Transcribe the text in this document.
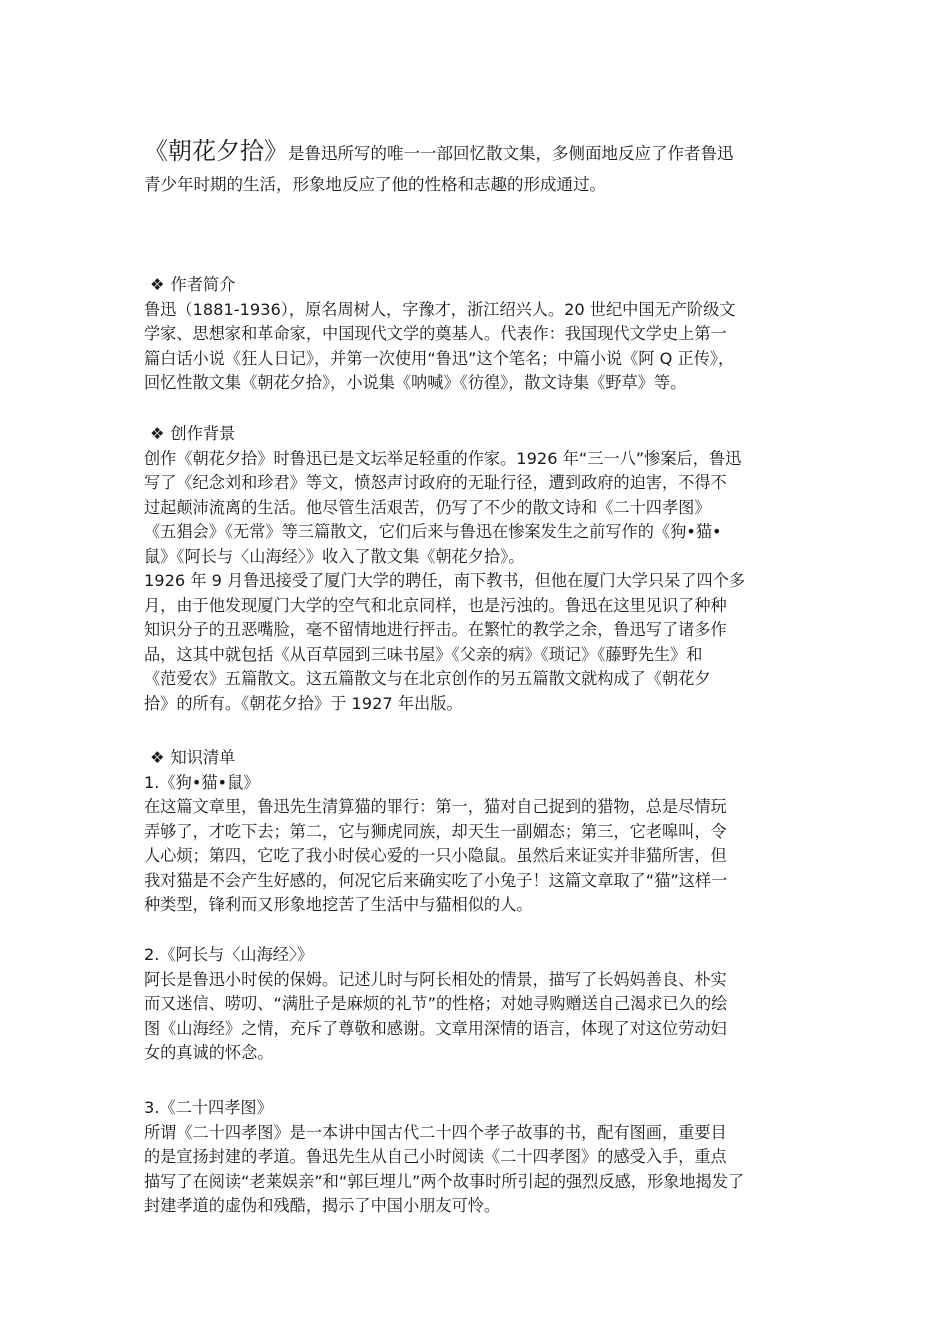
《朝花夕拾》是鲁迅所写的唯一一部回忆散文集，多侧面地反应了作者鲁迅

青少年时期的生活，形象地反应了他的性格和志趣的形成通过。

❖ 作者简介

鲁迅（1881-1936），原名周树人，字豫才，浙江绍兴人。20 世纪中国无产阶级文

学家、思想家和革命家，中国现代文学的奠基人。代表作：我国现代文学史上第一

篇白话小说《狂人日记》，并第一次使用“鲁迅”这个笔名；中篇小说《阿 Q 正传》，

回忆性散文集《朝花夕拾》，小说集《呐喊》《彷徨》，散文诗集《野草》等。

❖ 创作背景

创作《朝花夕拾》时鲁迅已是文坛举足轻重的作家。1926 年“三一八”惨案后，鲁迅

写了《纪念刘和珍君》等文，愤怒声讨政府的无耻行径，遭到政府的迫害，不得不

过起颠沛流离的生活。他尽管生活艰苦，仍写了不少的散文诗和《二十四孝图》

《五猖会》《无常》等三篇散文，它们后来与鲁迅在惨案发生之前写作的《狗•猫•

鼠》《阿长与〈山海经〉》收入了散文集《朝花夕拾》。

1926 年 9 月鲁迅接受了厦门大学的聘任，南下教书，但他在厦门大学只呆了四个多

月，由于他发现厦门大学的空气和北京同样，也是污浊的。鲁迅在这里见识了种种

知识分子的丑恶嘴脸，毫不留情地进行抨击。在繁忙的教学之余，鲁迅写了诸多作

品，这其中就包括《从百草园到三味书屋》《父亲的病》《琐记》《藤野先生》和

《范爱农》五篇散文。这五篇散文与在北京创作的另五篇散文就构成了《朝花夕

拾》的所有。《朝花夕拾》于 1927 年出版。

❖ 知识清单

1.《狗•猫•鼠》

在这篇文章里，鲁迅先生清算猫的罪行：第一，猫对自己捉到的猎物，总是尽情玩

弄够了，才吃下去；第二，它与狮虎同族，却天生一副媚态；第三，它老嗥叫，令

人心烦；第四，它吃了我小时侯心爱的一只小隐鼠。虽然后来证实并非猫所害，但

我对猫是不会产生好感的，何况它后来确实吃了小兔子！这篇文章取了“猫”这样一

种类型，锋利而又形象地挖苦了生活中与猫相似的人。

2.《阿长与〈山海经〉》

阿长是鲁迅小时侯的保姆。记述儿时与阿长相处的情景，描写了长妈妈善良、朴实

而又迷信、唠叨、“满肚子是麻烦的礼节”的性格；对她寻购赠送自己渴求已久的绘

图《山海经》之情，充斥了尊敬和感谢。文章用深情的语言，体现了对这位劳动妇

女的真诚的怀念。

3.《二十四孝图》

所谓《二十四孝图》是一本讲中国古代二十四个孝子故事的书，配有图画，重要目

的是宣扬封建的孝道。鲁迅先生从自己小时阅读《二十四孝图》的感受入手，重点

描写了在阅读“老莱娱亲”和“郭巨埋儿”两个故事时所引起的强烈反感，形象地揭发了

封建孝道的虚伪和残酷，揭示了中国小朋友可怜。
